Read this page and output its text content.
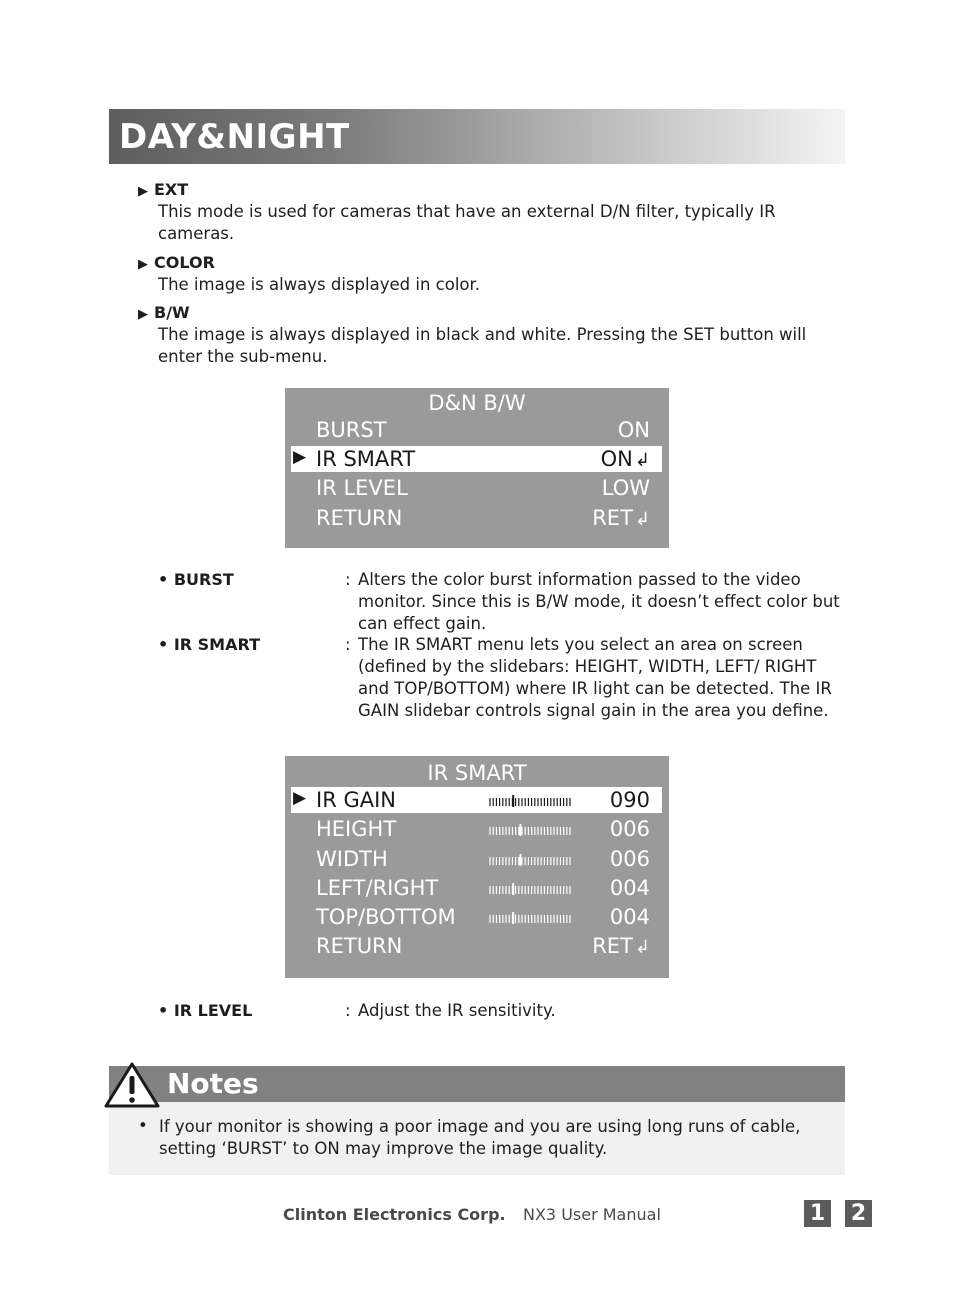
DAY&NIGHT
▶ EXT
This mode is used for cameras that have an external D/N filter, typically IR cameras.
▶ COLOR
The image is always displayed in color.
▶ B/W
The image is always displayed in black and white. Pressing the SET button will enter the sub-menu.
D&N B/W
BURST	ON
▶ IR SMART	ON ↲
IR LEVEL	LOW
RETURN	RET ↲
• BURST	: Alters the color burst information passed to the video monitor. Since this is B/W mode, it doesn’t effect color but can effect gain.
• IR SMART	: The IR SMART menu lets you select an area on screen (defined by the slidebars: HEIGHT, WIDTH, LEFT/ RIGHT and TOP/BOTTOM) where IR light can be detected. The IR GAIN slidebar controls signal gain in the area you define.
IR SMART
▶ IR GAIN	090
HEIGHT	006
WIDTH	006
LEFT/RIGHT	004
TOP/BOTTOM	004
RETURN	RET ↲
• IR LEVEL	: Adjust the IR sensitivity.
Notes
• If your monitor is showing a poor image and you are using long runs of cable, setting ‘BURST’ to ON may improve the image quality.
Clinton Electronics Corp. NX3 User Manual	1 2
